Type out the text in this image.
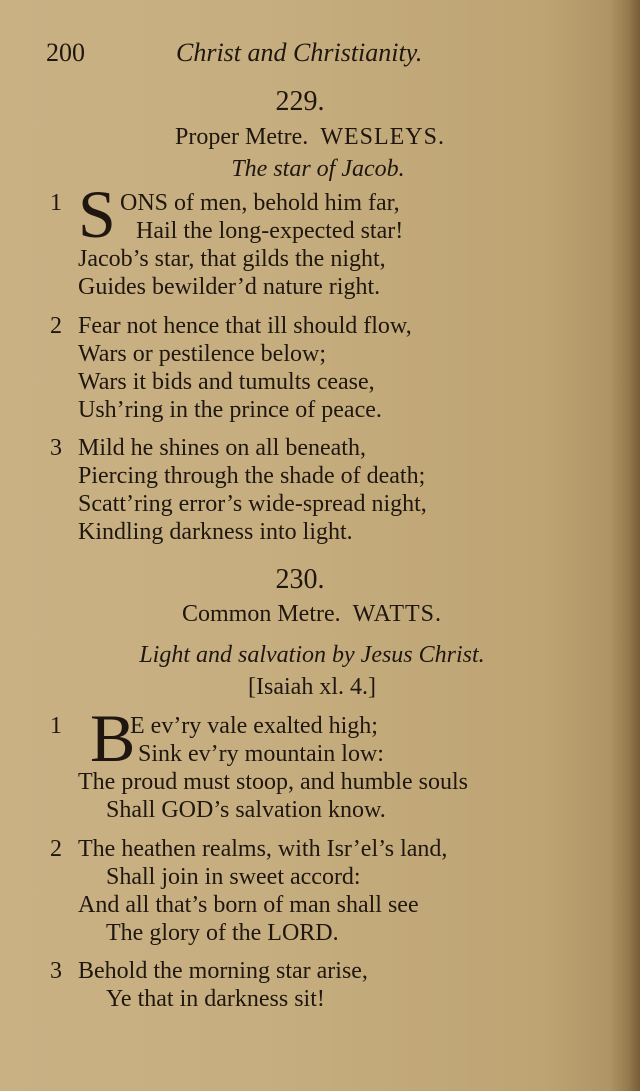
200	Christ and Christianity.
229.
Proper Metre. WESLEYS.
The star of Jacob.
1 S ONS of men, behold him far,
Hail the long-expected star!
Jacob’s star, that gilds the night,
Guides bewilder’d nature right.
2 Fear not hence that ill should flow,
Wars or pestilence below;
Wars it bids and tumults cease,
Ush’ring in the prince of peace.
3 Mild he shines on all beneath,
Piercing through the shade of death;
Scatt’ring error’s wide-spread night,
Kindling darkness into light.
230.
Common Metre. WATTS.
Light and salvation by Jesus Christ.
[Isaiah xl. 4.]
1 B
E ev’ry vale exalted high;
Sink ev’ry mountain low:
The proud must stoop, and humble souls
Shall GOD’s salvation know.
2 The heathen realms, with Isr’el’s land,
Shall join in sweet accord:
And all that’s born of man shall see
The glory of the LORD.
3 Behold the morning star arise,
Ye that in darkness sit!
